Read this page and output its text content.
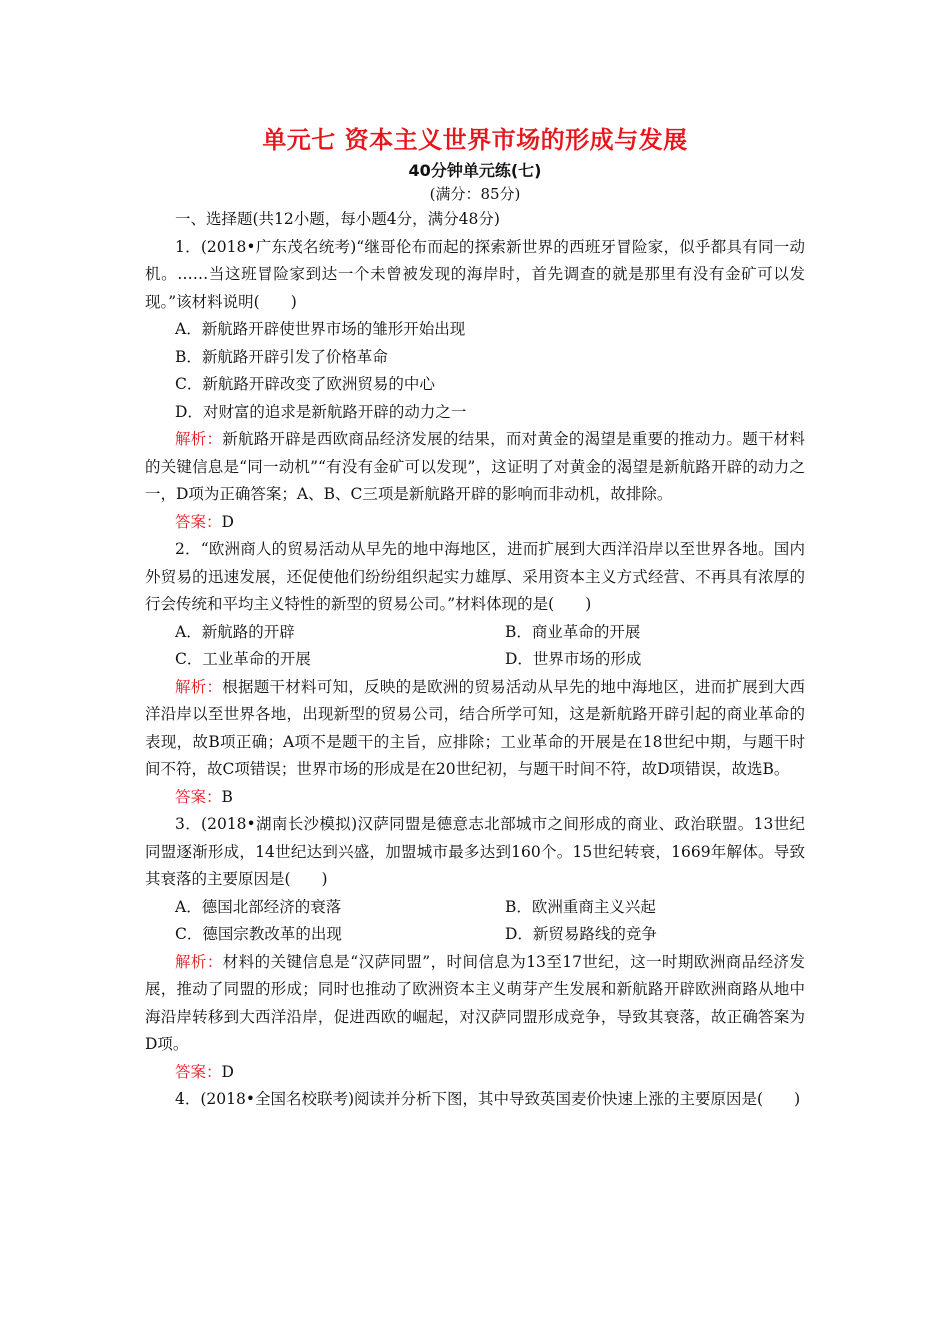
单元七 资本主义世界市场的形成与发展
40分钟单元练(七)
(满分：85分)

一、选择题(共12小题，每小题4分，满分48分)

1．(2018•广东茂名统考)“继哥伦布而起的探索新世界的西班牙冒险家，似乎都具有同一动机。……当这班冒险家到达一个未曾被发现的海岸时，首先调查的就是那里有没有金矿可以发现。”该材料说明(　　)

A．新航路开辟使世界市场的雏形开始出现

B．新航路开辟引发了价格革命

C．新航路开辟改变了欧洲贸易的中心

D．对财富的追求是新航路开辟的动力之一

解析：新航路开辟是西欧商品经济发展的结果，而对黄金的渴望是重要的推动力。题干材料的关键信息是“同一动机”“有没有金矿可以发现”，这证明了对黄金的渴望是新航路开辟的动力之一，D项为正确答案；A、B、C三项是新航路开辟的影响而非动机，故排除。

答案：D

2．“欧洲商人的贸易活动从早先的地中海地区，进而扩展到大西洋沿岸以至世界各地。国内外贸易的迅速发展，还促使他们纷纷组织起实力雄厚、采用资本主义方式经营、不再具有浓厚的行会传统和平均主义特性的新型的贸易公司。”材料体现的是(　　)

A．新航路的开辟	B．商业革命的开展

C．工业革命的开展	D．世界市场的形成

解析：根据题干材料可知，反映的是欧洲的贸易活动从早先的地中海地区，进而扩展到大西洋沿岸以至世界各地，出现新型的贸易公司，结合所学可知，这是新航路开辟引起的商业革命的表现，故B项正确；A项不是题干的主旨，应排除；工业革命的开展是在18世纪中期，与题干时间不符，故C项错误；世界市场的形成是在20世纪初，与题干时间不符，故D项错误，故选B。

答案：B

3．(2018•湖南长沙模拟)汉萨同盟是德意志北部城市之间形成的商业、政治联盟。13世纪同盟逐渐形成，14世纪达到兴盛，加盟城市最多达到160个。15世纪转衰，1669年解体。导致其衰落的主要原因是(　　)

A．德国北部经济的衰落	B．欧洲重商主义兴起

C．德国宗教改革的出现	D．新贸易路线的竞争

解析：材料的关键信息是“汉萨同盟”，时间信息为13至17世纪，这一时期欧洲商品经济发展，推动了同盟的形成；同时也推动了欧洲资本主义萌芽产生发展和新航路开辟欧洲商路从地中海沿岸转移到大西洋沿岸，促进西欧的崛起，对汉萨同盟形成竞争，导致其衰落，故正确答案为D项。

答案：D

4．(2018•全国名校联考)阅读并分析下图，其中导致英国麦价快速上涨的主要原因是(　　)
